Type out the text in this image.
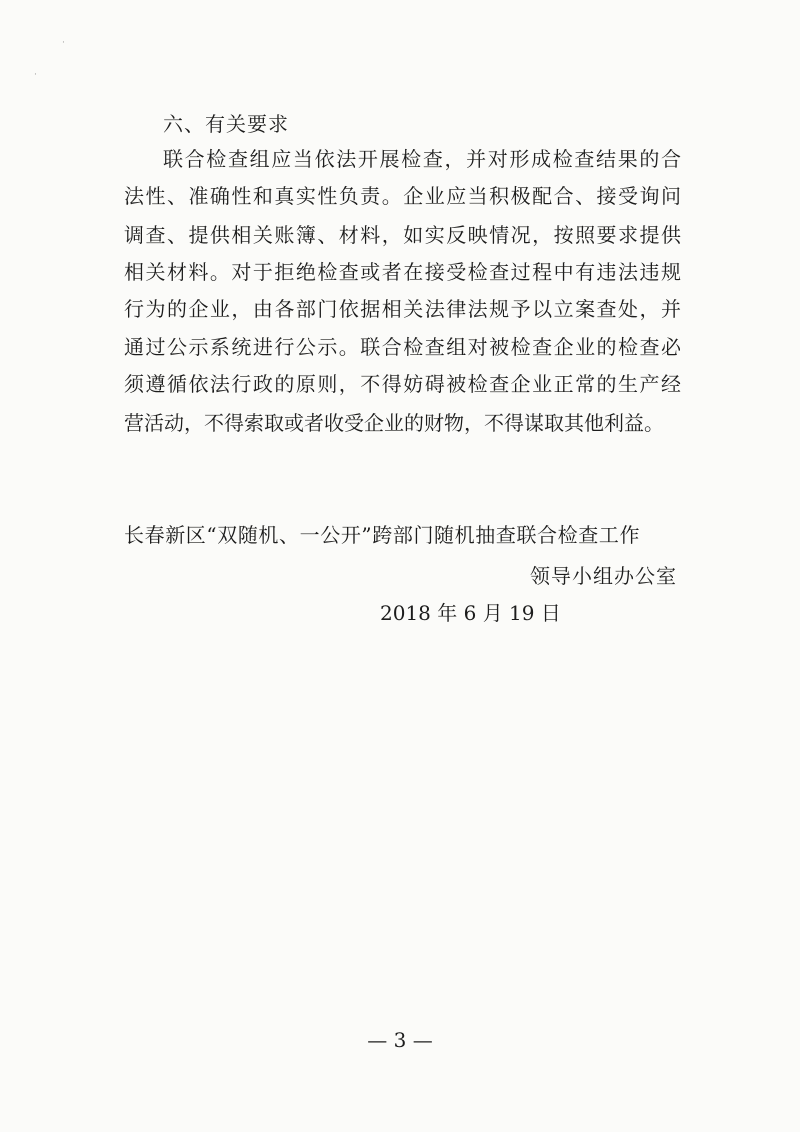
·
·
六、有关要求
联合检查组应当依法开展检查，并对形成检查结果的合
法性、准确性和真实性负责。企业应当积极配合、接受询问
调查、提供相关账簿、材料，如实反映情况，按照要求提供
相关材料。对于拒绝检查或者在接受检查过程中有违法违规
行为的企业，由各部门依据相关法律法规予以立案查处，并
通过公示系统进行公示。联合检查组对被检查企业的检查必
须遵循依法行政的原则，不得妨碍被检查企业正常的生产经
营活动，不得索取或者收受企业的财物，不得谋取其他利益。
长春新区“双随机、一公开”跨部门随机抽查联合检查工作
领导小组办公室
2018 年 6 月 19 日
— 3 —
